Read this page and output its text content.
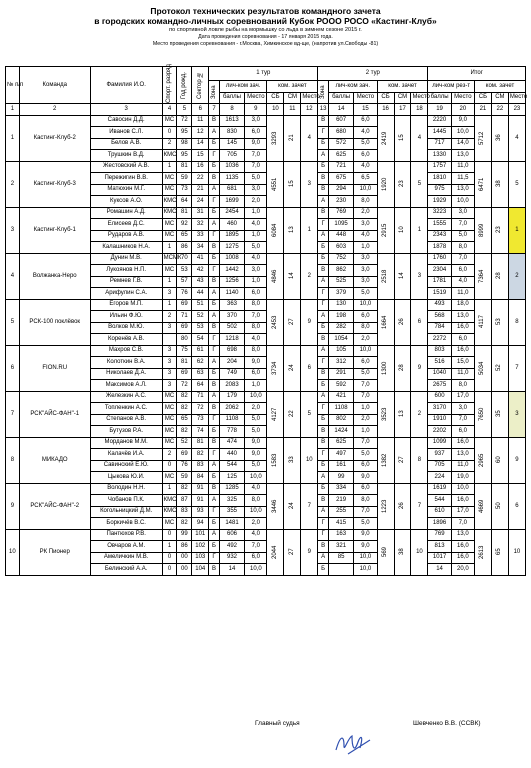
Протокол технических результатов командного зачета
в городских командно-личных соревнований Кубок РООО РОСО «Кастинг-Клуб»
по спортивной ловле рыбы на мормышку со льда в зимнем сезоне 2015 г.
Дата проведения соревнования - 17 января 2015 года.
Место проведения соревнования - г.Москва, Химкинское вд-ще, (напротив ул.Свободы -81)
№ п/п	Команда	Фамилия И.О.	Спорт. разряд	Год рожд.	Сектор №	1 тур						2 тур						Итог				
						Зона	лич-ком зач.		ком. зачет			Зона	лич-ком зач.		ком. зачет			лич-ком рез-т		ком. зачет		
							баллы	Место	СБ	СМ	Место		баллы	Место	СБ	СМ	Место	баллы	Место	СБ	СМ	Место
1	2	3	4	5	6	7	8	9	10	11	12	13	14	15	16	17	18	19	20	21	22	23
1	Кастинг-Клуб-2	Савосин Д.Д.	МС	72	11	В	1613	3,0	3293	21	4	В	607	6,0	2419	15	4	2220	9,0	5712	36	4
		Иванов С.Л.	0	95	12	А	830	6,0				Г	680	4,0				1445	10,0			
		Белов А.В.	2	98	14	Б	145	9,0				Б	572	5,0				717	14,0			
		Трушкин В.Д.	КМС	95	15	Г	705	7,0				А	625	6,0				1330	13,0			
2	Кастинг-Клуб-3	Жестовский А.В.	1	81	16	Б	1036	7,0	4551	15	3	Б	721	4,0	1920	23	5	1757	11,0	6471	38	5
		Пережигин В.В.	МС	59	22	В	1135	5,0				В	675	6,5				1810	11,5			
		Матюхин М.Г.	МС	73	21	А	681	3,0				В	294	10,0				975	13,0			
		Куксов А.О.	КМС	64	24	Г	1699	2,0				А	230	8,0				1929	10,0			
3	Кастинг-Клуб-1	Ромашин А.Д.	КМС	81	31	Б	2454	1,0	6084	13	1	В	769	2,0	2915	10	1	3223	3,0	8999	23	1
		Елисеев Д.С.	МС	92	32	А	460	4,0				Г	1095	3,0				1555	7,0			
		Рударов А.В.	МС	65	33	Г	1895	1,0				А	448	4,0				2343	5,0			
		Калашников Н.А.	1	86	34	В	1275	5,0				Б	603	1,0				1878	8,0			
4	Волжанка-Неро	Дунин М.В.	МСМК	70	41	Б	1008	4,0	4846	14	2	Б	752	3,0	2518	14	3	1760	7,0	7364	28	2
		Лукоянов Н.П.	МС	53	42	Г	1442	3,0				В	862	3,0				2304	6,0			
		Ремнев Г.В.	1	57	43	В	1256	1,0				А	525	3,0				1781	4,0			
		Арифулин С.А.	3	76	44	А	1140	6,0				Г	379	5,0				1519	11,0			
5	РСК-100 поклёвок	Егоров М.П.	1	69	51	Б	363	8,0	2453	27	9	Г	130	10,0	1664	26	6	493	18,0	4117	53	8
		Ильин Ф.Ю.	2	71	52	А	370	7,0				А	198	6,0				568	13,0			
		Волков М.Ю.	3	69	53	В	502	8,0				Б	282	8,0				784	16,0			
		Коренёв А.В.		80	54	Г	1218	4,0				В	1054	2,0				2272	6,0			
6	FION.RU	Махров С.В.	3	75	61	Г	698	8,0	3734	24	6	А	105	10,0	1300	28	9	803	16,0	5034	52	7
		Колоткин В.А.	3	81	62	А	204	9,0				Г	312	6,0				516	15,0			
		Николаев Д.А.	3	69	63	Б	749	6,0				В	291	5,0				1040	11,0			
		Максимов А.Л.	3	72	64	В	2083	1,0				Б	592	7,0				2675	8,0			
7	РСК"АЙС-ФАН"-1	Железкин А.С.	МС	82	71	А	179	10,0	4127	22	5	А	421	7,0	3523	13	2	600	17,0	7650	35	3
		Топленкин А.С.	МС	82	72	В	2062	2,0				Г	1108	1,0				3170	3,0			
		Степанов А.В.	МС	65	73	Г	1108	5,0				Б	802	2,0				1910	7,0			
		Бутузов Р.А.	МС	82	74	Б	778	5,0				В	1424	1,0				2202	6,0			
8	МИКАДО	Морданов М.М.	МС	52	81	В	474	9,0	1583	33	10	В	625	7,0	1382	27	8	1099	16,0	2965	60	9
		Калачёв И.А.	2	69	82	Г	440	9,0				Г	497	5,0				937	13,0			
		Савинский Е.Ю.	0	76	83	А	544	5,0				Б	161	6,0				705	11,0			
		Цыкова Ю.И.	МС	59	84	Б	125	10,0				А	99	9,0				224	19,0			
9	РСК"АЙС-ФАН"-2	Володин Н.Н.	1	82	91	В	1285	4,0	3446	24	7	Б	334	6,0	1223	26	7	1619	10,0	4669	50	6
		Чобанов П.К.	КМС	87	91	А	325	8,0				В	219	8,0				544	16,0			
		Когольницкий Д.М.	КМС	83	93	Г	355	10,0				А	255	7,0				610	17,0			
		Боркичёв В.С.	МС	82	94	Б	1481	2,0				Г	415	5,0				1896	7,0			
10	РК Пионер	Пантюхов Р.В.	0	99	101	А	606	4,0	2044	27	9	Г	163	9,0	569	38	10	769	13,0	2613	65	10
		Овчаров А.М.	1	86	102	Б	492	7,0				В	321	9,0				813	16,0			
		Амеличкин М.В.	0	00	103	Г	932	6,0				А	85	10,0				1017	16,0			
		Белинский А.А.	0	00	104	В	14	10,0				Б		10,0				14	20,0			
Главный судья	Шевченко В.В. (ССВК)
